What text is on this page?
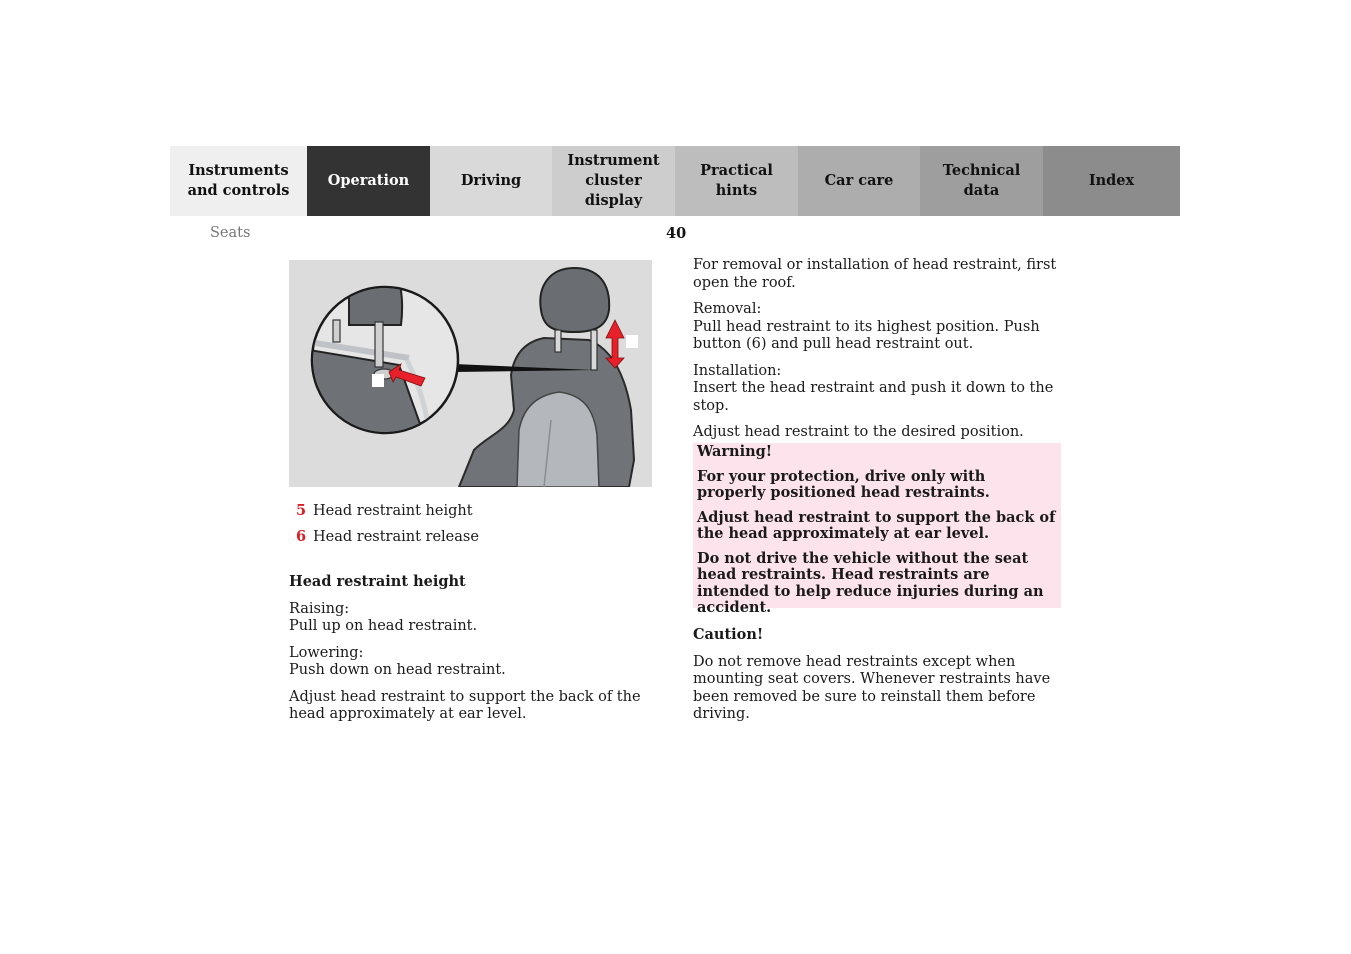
Instruments
and controls
Operation	Driving
Instrument
cluster display
Practical hints
Car care
Technical
data
Index
Seats	40
5 Head restraint height
6 Head restraint release

Head restraint height

Raising:

Pull up on head restraint.

Lowering:

Push down on head restraint.

Adjust head restraint to support the back of the head approximately at ear level.

For removal or installation of head restraint, first open the roof.

Removal:

Pull head restraint to its highest position. Push button (6) and pull head restraint out.

Installation:

Insert the head restraint and push it down to the stop.

Adjust head restraint to the desired position.

Warning!

For your protection, drive only with properly positioned head restraints.

Adjust head restraint to support the back of the head approximately at ear level.

Do not drive the vehicle without the seat head restraints. Head restraints are intended to help reduce injuries during an accident.

Caution!

Do not remove head restraints except when mounting seat covers. Whenever restraints have been removed be sure to reinstall them before driving.
